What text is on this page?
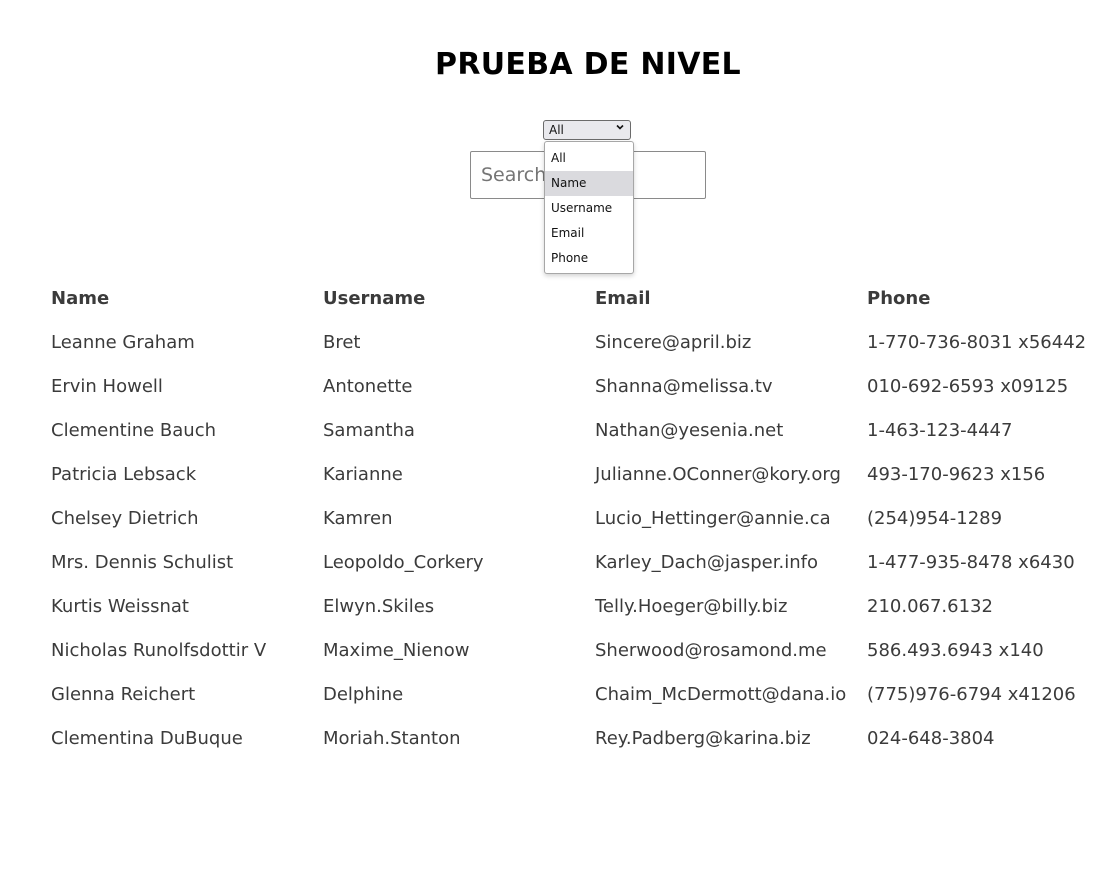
PRUEBA DE NIVEL
Search...
All
All
Name
Username
Email
Phone
Name	Username	Email	Phone
Leanne Graham	Bret	Sincere@april.biz	1-770-736-8031 x56442
Ervin Howell	Antonette	Shanna@melissa.tv	010-692-6593 x09125
Clementine Bauch	Samantha	Nathan@yesenia.net	1-463-123-4447
Patricia Lebsack	Karianne	Julianne.OConner@kory.org	493-170-9623 x156
Chelsey Dietrich	Kamren	Lucio_Hettinger@annie.ca	(254)954-1289
Mrs. Dennis Schulist	Leopoldo_Corkery	Karley_Dach@jasper.info	1-477-935-8478 x6430
Kurtis Weissnat	Elwyn.Skiles	Telly.Hoeger@billy.biz	210.067.6132
Nicholas Runolfsdottir V	Maxime_Nienow	Sherwood@rosamond.me	586.493.6943 x140
Glenna Reichert	Delphine	Chaim_McDermott@dana.io	(775)976-6794 x41206
Clementina DuBuque	Moriah.Stanton	Rey.Padberg@karina.biz	024-648-3804
